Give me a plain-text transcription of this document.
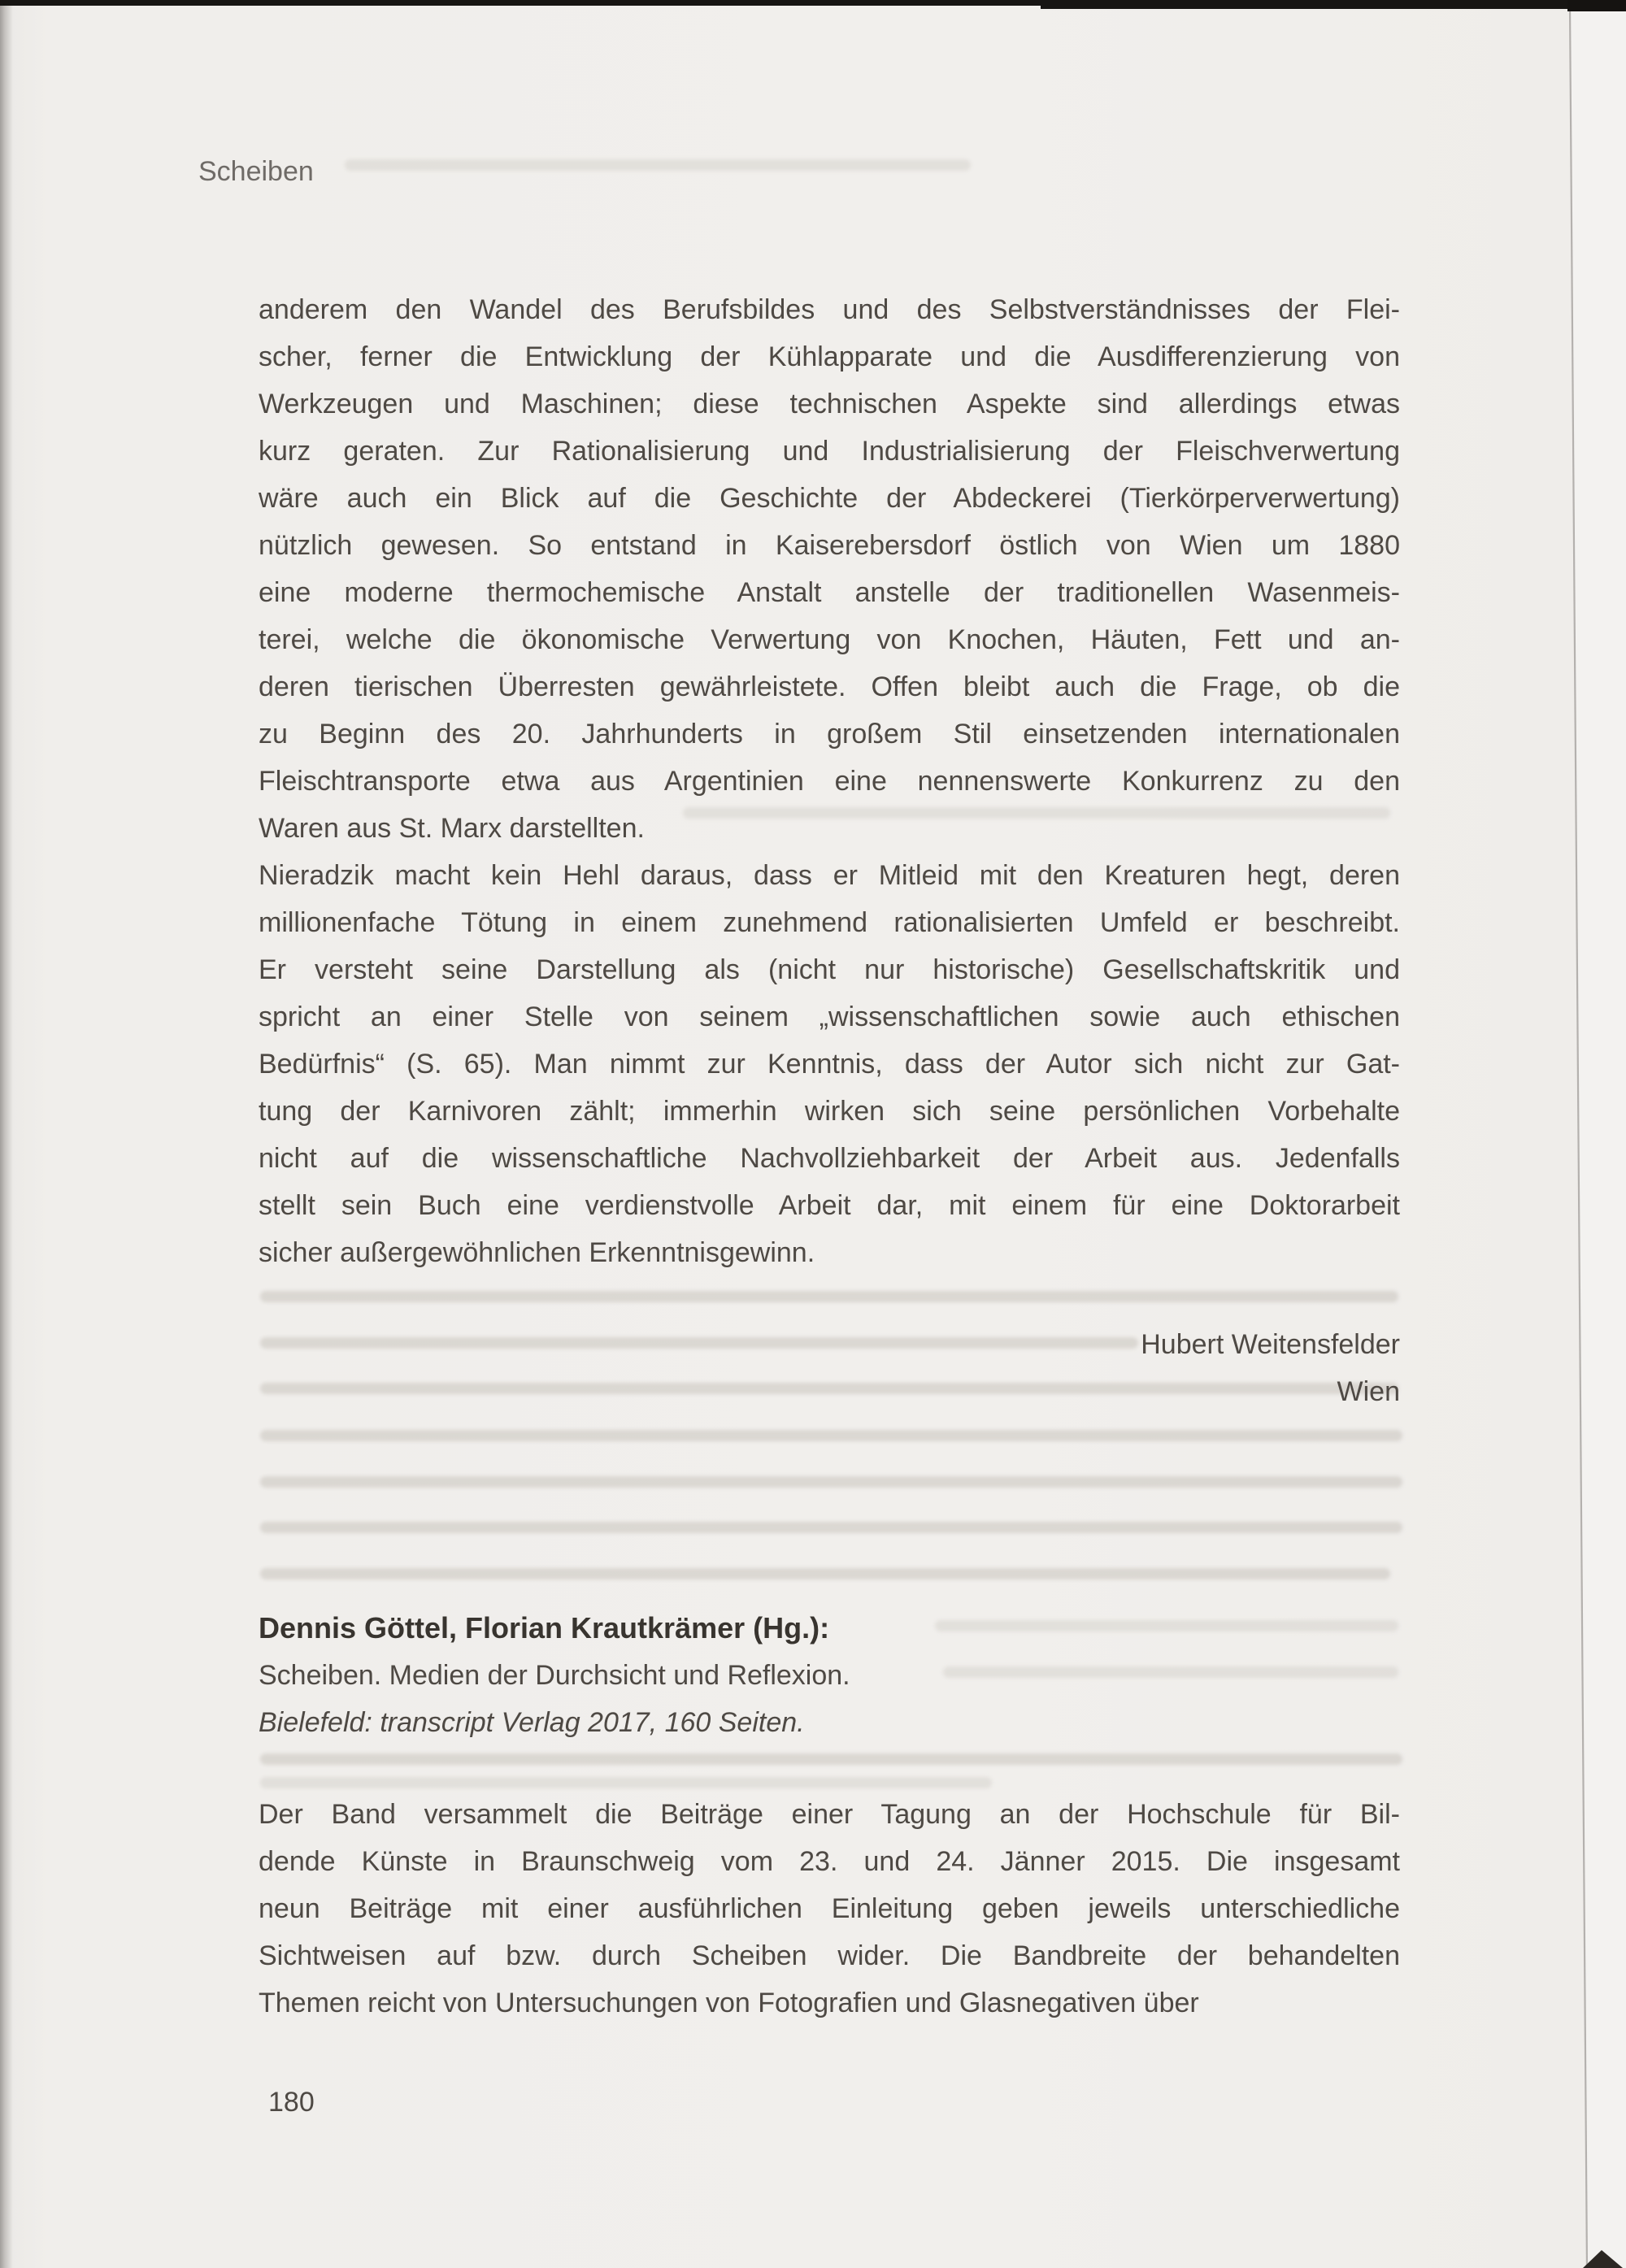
Scheiben
anderem den Wandel des Berufsbildes und des Selbstverständnisses der Flei-
scher, ferner die Entwicklung der Kühlapparate und die Ausdifferenzierung von
Werkzeugen und Maschinen; diese technischen Aspekte sind allerdings etwas
kurz geraten. Zur Rationalisierung und Industrialisierung der Fleischverwertung
wäre auch ein Blick auf die Geschichte der Abdeckerei (Tierkörperverwertung)
nützlich gewesen. So entstand in Kaiserebersdorf östlich von Wien um 1880
eine moderne thermochemische Anstalt anstelle der traditionellen Wasenmeis-
terei, welche die ökonomische Verwertung von Knochen, Häuten, Fett und an-
deren tierischen Überresten gewährleistete. Offen bleibt auch die Frage, ob die
zu Beginn des 20. Jahrhunderts in großem Stil einsetzenden internationalen
Fleischtransporte etwa aus Argentinien eine nennenswerte Konkurrenz zu den
Waren aus St. Marx darstellten.
Nieradzik macht kein Hehl daraus, dass er Mitleid mit den Kreaturen hegt, deren
millionenfache Tötung in einem zunehmend rationalisierten Umfeld er beschreibt.
Er versteht seine Darstellung als (nicht nur historische) Gesellschaftskritik und
spricht an einer Stelle von seinem „wissenschaftlichen sowie auch ethischen
Bedürfnis“ (S. 65). Man nimmt zur Kenntnis, dass der Autor sich nicht zur Gat-
tung der Karnivoren zählt; immerhin wirken sich seine persönlichen Vorbehalte
nicht auf die wissenschaftliche Nachvollziehbarkeit der Arbeit aus. Jedenfalls
stellt sein Buch eine verdienstvolle Arbeit dar, mit einem für eine Doktorarbeit
sicher außergewöhnlichen Erkenntnisgewinn.
Hubert Weitensfelder
Wien
Dennis Göttel, Florian Krautkrämer (Hg.):
Scheiben. Medien der Durchsicht und Reflexion.
Bielefeld: transcript Verlag 2017, 160 Seiten.
Der Band versammelt die Beiträge einer Tagung an der Hochschule für Bil-
dende Künste in Braunschweig vom 23. und 24. Jänner 2015. Die insgesamt
neun Beiträge mit einer ausführlichen Einleitung geben jeweils unterschiedliche
Sichtweisen auf bzw. durch Scheiben wider. Die Bandbreite der behandelten
Themen reicht von Untersuchungen von Fotografien und Glasnegativen über
180
